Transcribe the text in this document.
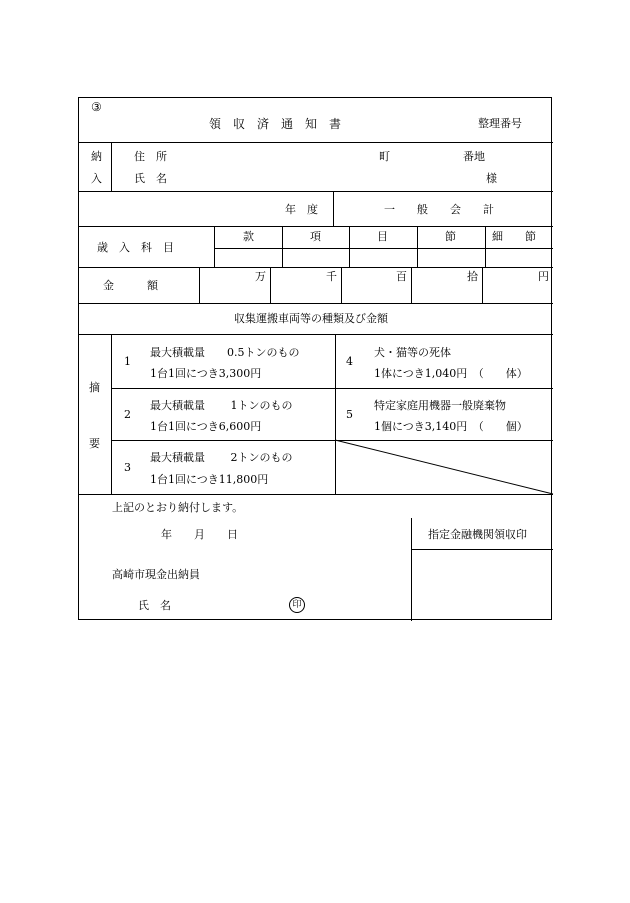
③
領　収　済　通　知　書	整理番号
納
入
住　所	町	番地
氏　名	様
年　度	一　　般　　会　　計
歳　入　科　目
款	項	目	節	細　　節
金　　　額
万	千	百	拾	円
収集運搬車両等の種類及び金額
摘
要
1
最大積載量　　0.5トンのもの
1台1回につき3,300円
2
最大積載量　　 1トンのもの
1台1回につき6,600円
3
最大積載量　　 2トンのもの
1台1回につき11,800円
4
犬・猫等の死体
1体につき1,040円　（　　体）
5
特定家庭用機器一般廃棄物
1個につき3,140円　（　　個）
上記のとおり納付します。
年　　月　　日
高崎市現金出納員
氏　名	印
指定金融機関領収印
